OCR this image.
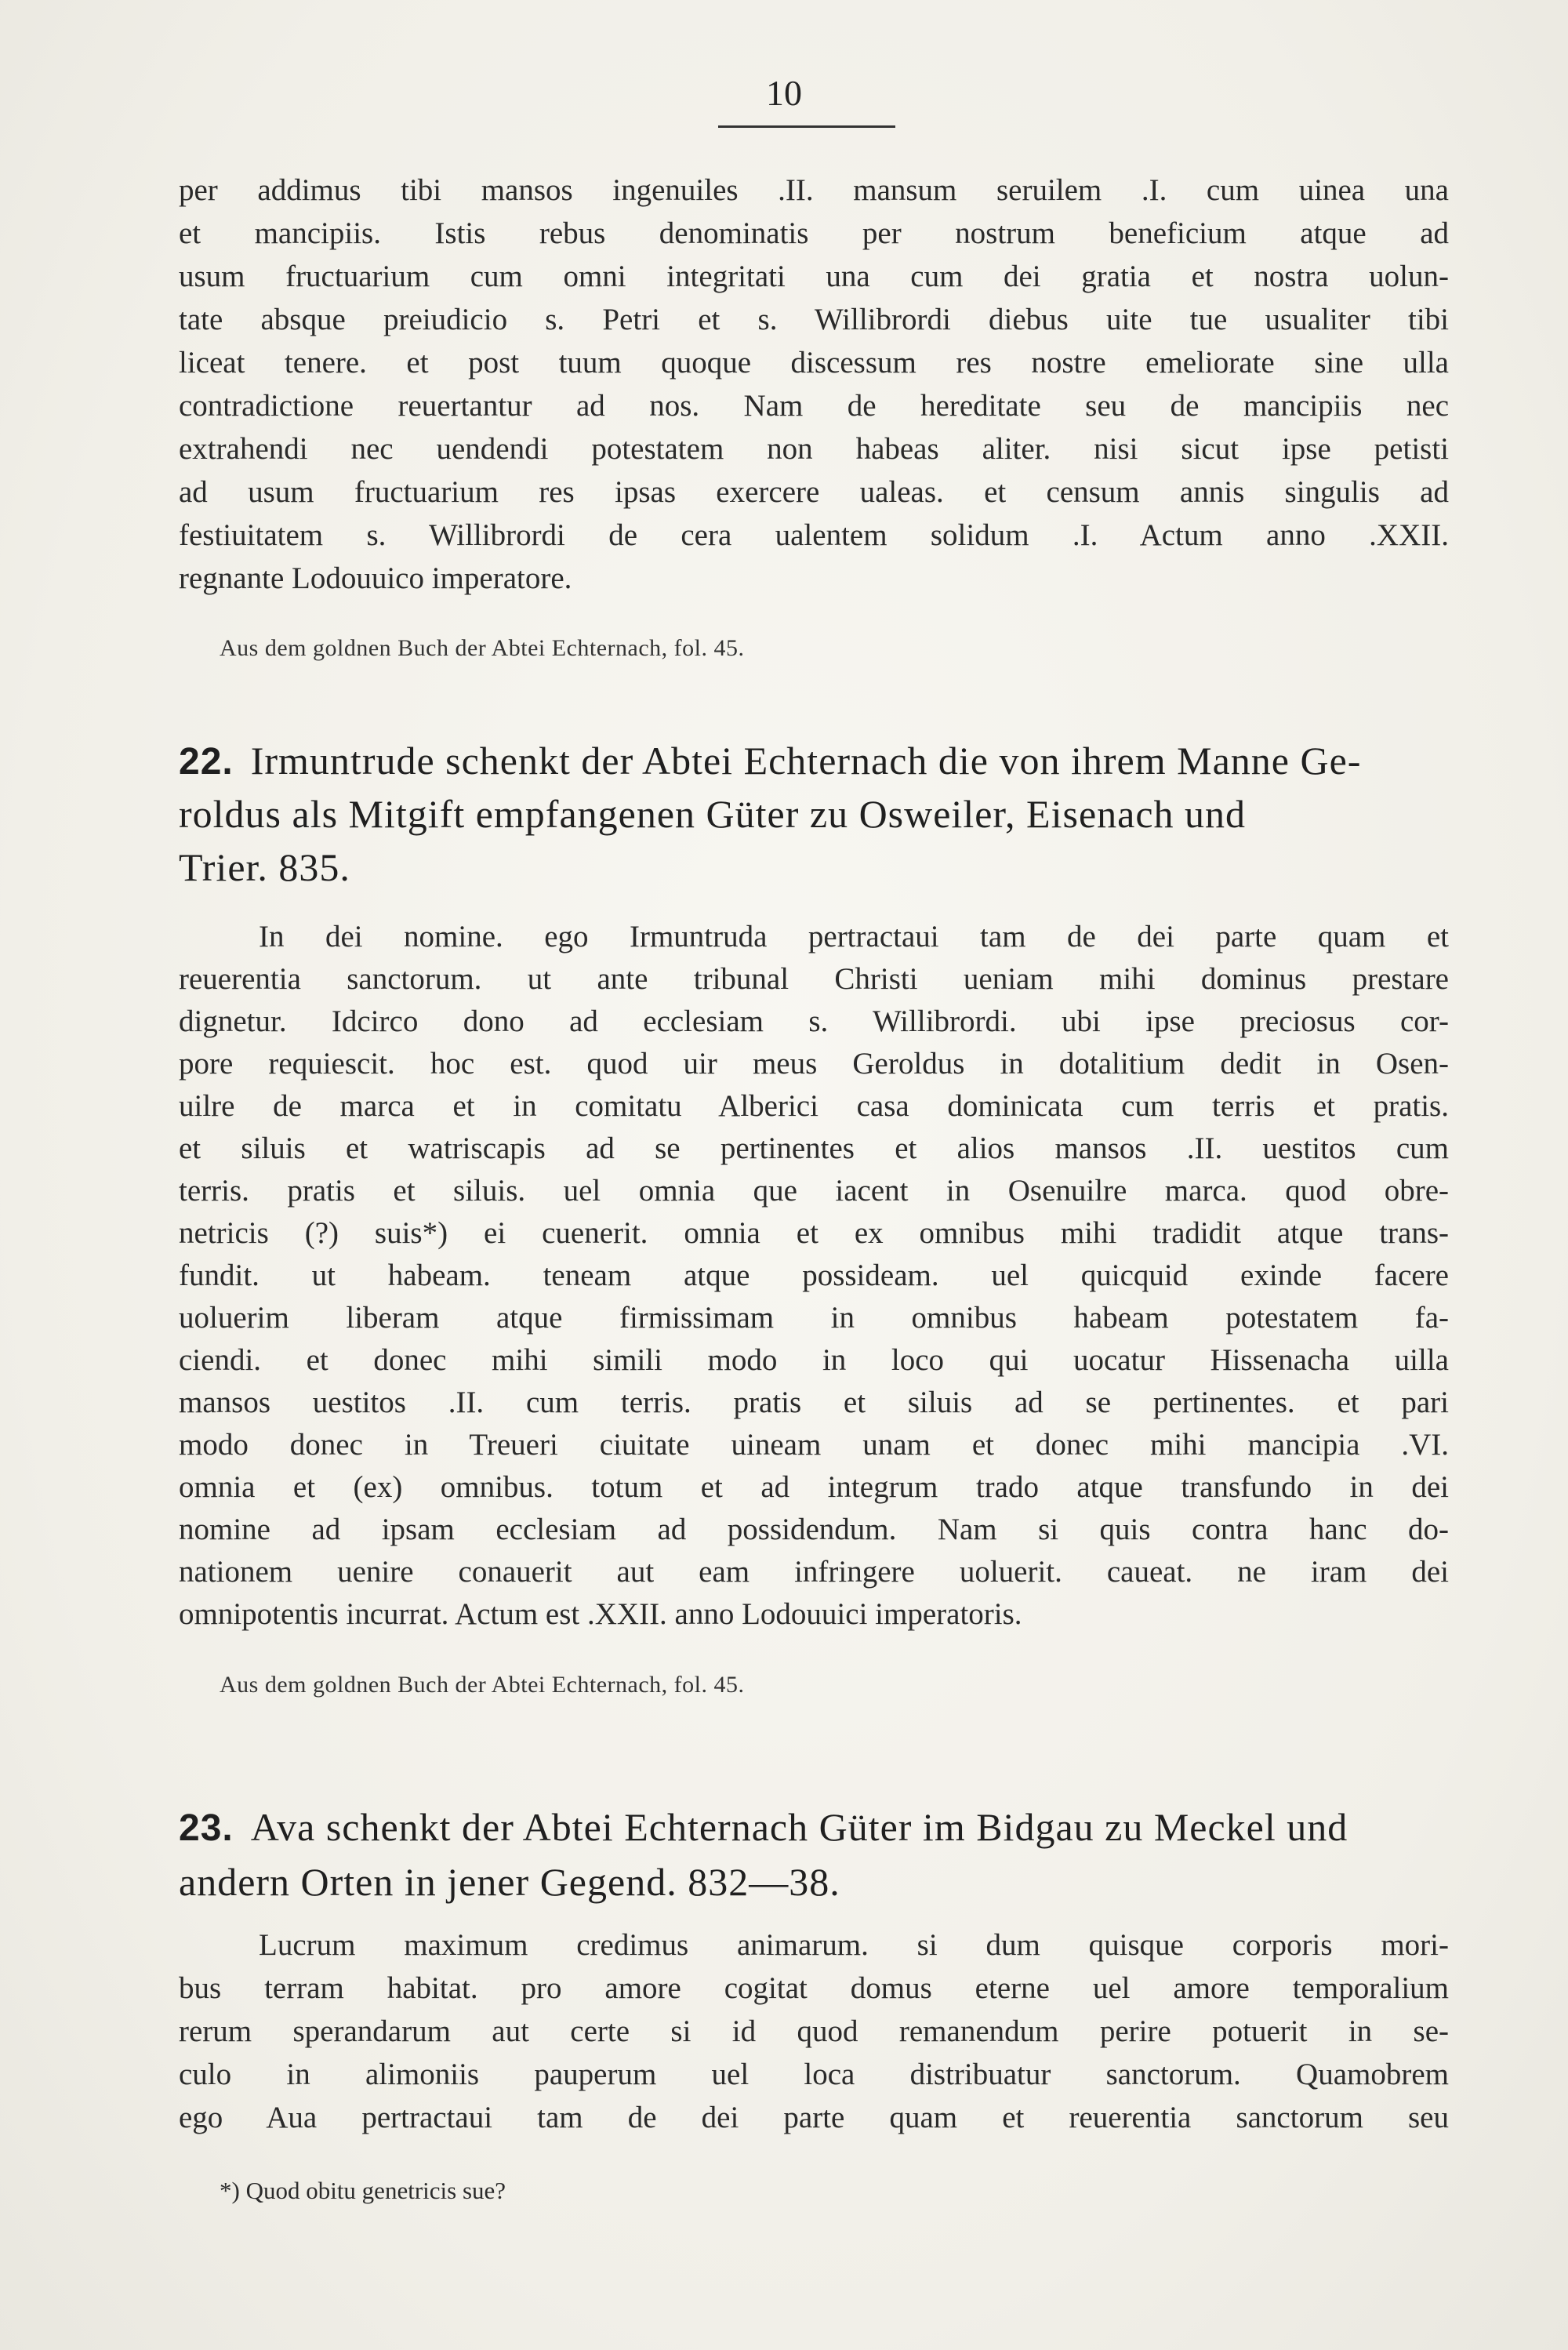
10
per addimus tibi mansos ingenuiles .II. mansum seruilem .I. cum uinea una
et mancipiis. Istis rebus denominatis per nostrum beneficium atque ad
usum fructuarium cum omni integritati una cum dei gratia et nostra uolun-
tate absque preiudicio s. Petri et s. Willibrordi diebus uite tue usualiter tibi
liceat tenere. et post tuum quoque discessum res nostre emeliorate sine ulla
contradictione reuertantur ad nos. Nam de hereditate seu de mancipiis nec
extrahendi nec uendendi potestatem non habeas aliter. nisi sicut ipse petisti
ad usum fructuarium res ipsas exercere ualeas. et censum annis singulis ad
festiuitatem s. Willibrordi de cera ualentem solidum .I. Actum anno .XXII.
regnante Lodouuico imperatore.
Aus dem goldnen Buch der Abtei Echternach, fol. 45.
22. Irmuntrude schenkt der Abtei Echternach die von ihrem Manne Ge-
roldus als Mitgift empfangenen Güter zu Osweiler, Eisenach und
Trier. 835.
In dei nomine. ego Irmuntruda pertractaui tam de dei parte quam et
reuerentia sanctorum. ut ante tribunal Christi ueniam mihi dominus prestare
dignetur. Idcirco dono ad ecclesiam s. Willibrordi. ubi ipse preciosus cor-
pore requiescit. hoc est. quod uir meus Geroldus in dotalitium dedit in Osen-
uilre de marca et in comitatu Alberici casa dominicata cum terris et pratis.
et siluis et watriscapis ad se pertinentes et alios mansos .II. uestitos cum
terris. pratis et siluis. uel omnia que iacent in Osenuilre marca. quod obre-
netricis (?) suis*) ei cuenerit. omnia et ex omnibus mihi tradidit atque trans-
fundit. ut habeam. teneam atque possideam. uel quicquid exinde facere
uoluerim liberam atque firmissimam in omnibus habeam potestatem fa-
ciendi. et donec mihi simili modo in loco qui uocatur Hissenacha uilla
mansos uestitos .II. cum terris. pratis et siluis ad se pertinentes. et pari
modo donec in Treueri ciuitate uineam unam et donec mihi mancipia .VI.
omnia et (ex) omnibus. totum et ad integrum trado atque transfundo in dei
nomine ad ipsam ecclesiam ad possidendum. Nam si quis contra hanc do-
nationem uenire conauerit aut eam infringere uoluerit. caueat. ne iram dei
omnipotentis incurrat. Actum est .XXII. anno Lodouuici imperatoris.
Aus dem goldnen Buch der Abtei Echternach, fol. 45.
23. Ava schenkt der Abtei Echternach Güter im Bidgau zu Meckel und
andern Orten in jener Gegend. 832—38.
Lucrum maximum credimus animarum. si dum quisque corporis mori-
bus terram habitat. pro amore cogitat domus eterne uel amore temporalium
rerum sperandarum aut certe si id quod remanendum perire potuerit in se-
culo in alimoniis pauperum uel loca distribuatur sanctorum. Quamobrem
ego Aua pertractaui tam de dei parte quam et reuerentia sanctorum seu
*) Quod obitu genetricis sue?
